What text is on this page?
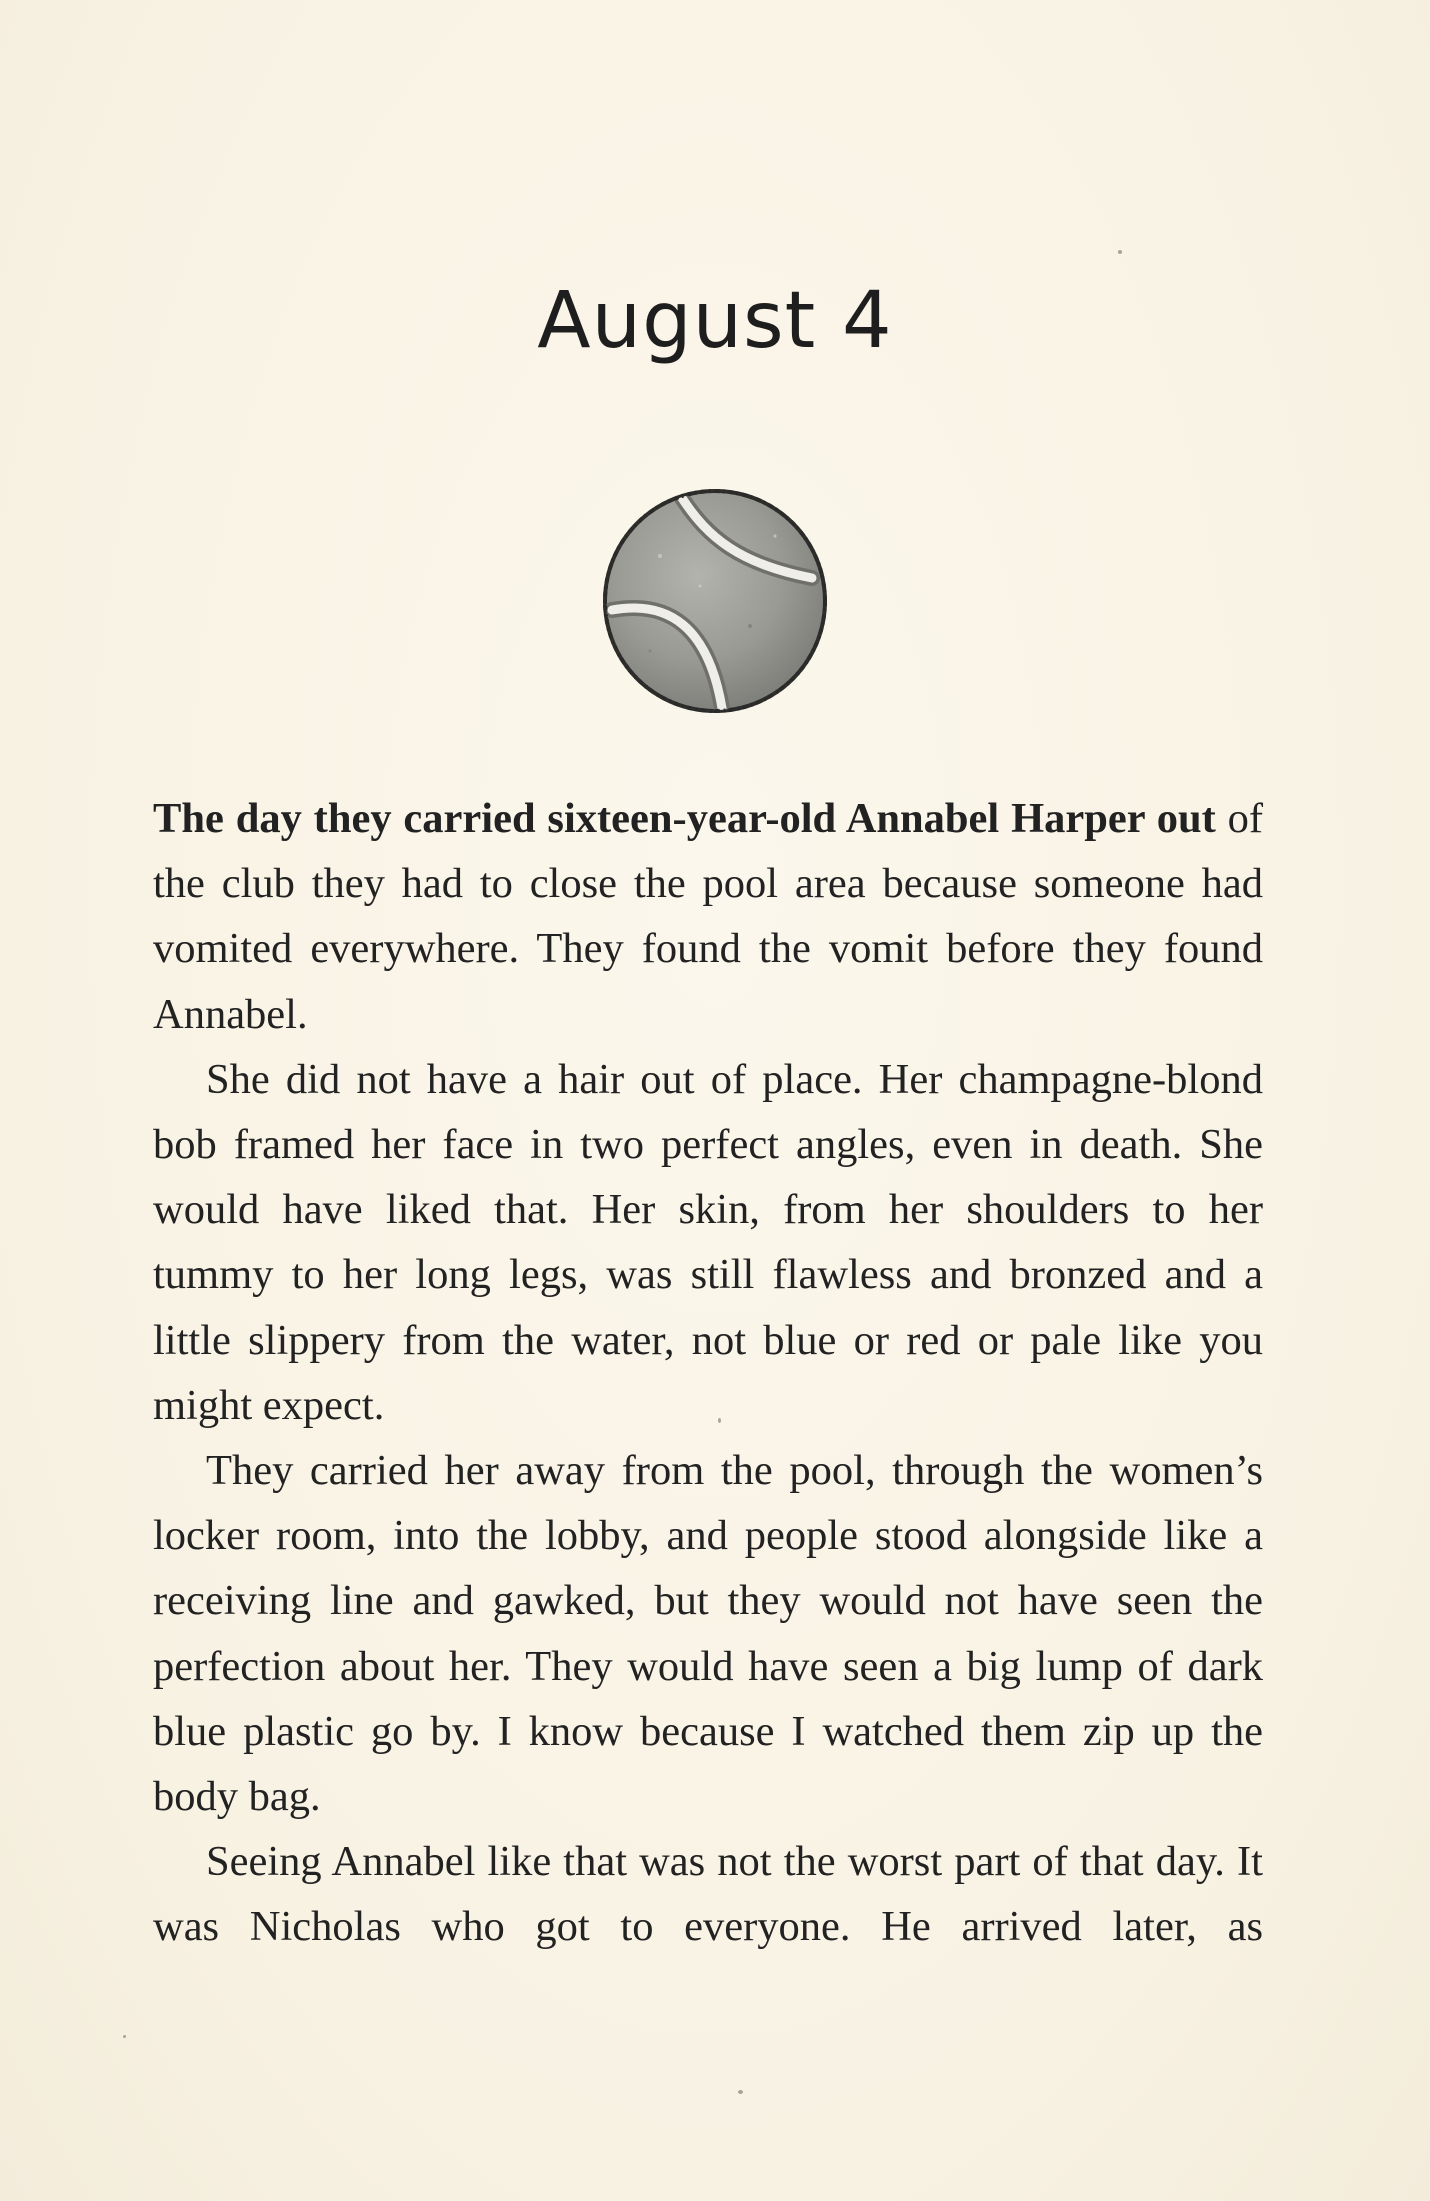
August 4

The day they carried sixteen-year-old Annabel Harper out of the club they had to close the pool area because someone had vomited everywhere. They found the vomit before they found Annabel.

She did not have a hair out of place. Her champagne-blond bob framed her face in two perfect angles, even in death. She would have liked that. Her skin, from her shoulders to her tummy to her long legs, was still flawless and bronzed and a little slippery from the water, not blue or red or pale like you might expect.

They carried her away from the pool, through the women’s locker room, into the lobby, and people stood alongside like a receiving line and gawked, but they would not have seen the perfection about her. They would have seen a big lump of dark blue plastic go by. I know because I watched them zip up the body bag.

Seeing Annabel like that was not the worst part of that day. It was Nicholas who got to everyone. He arrived later, as
